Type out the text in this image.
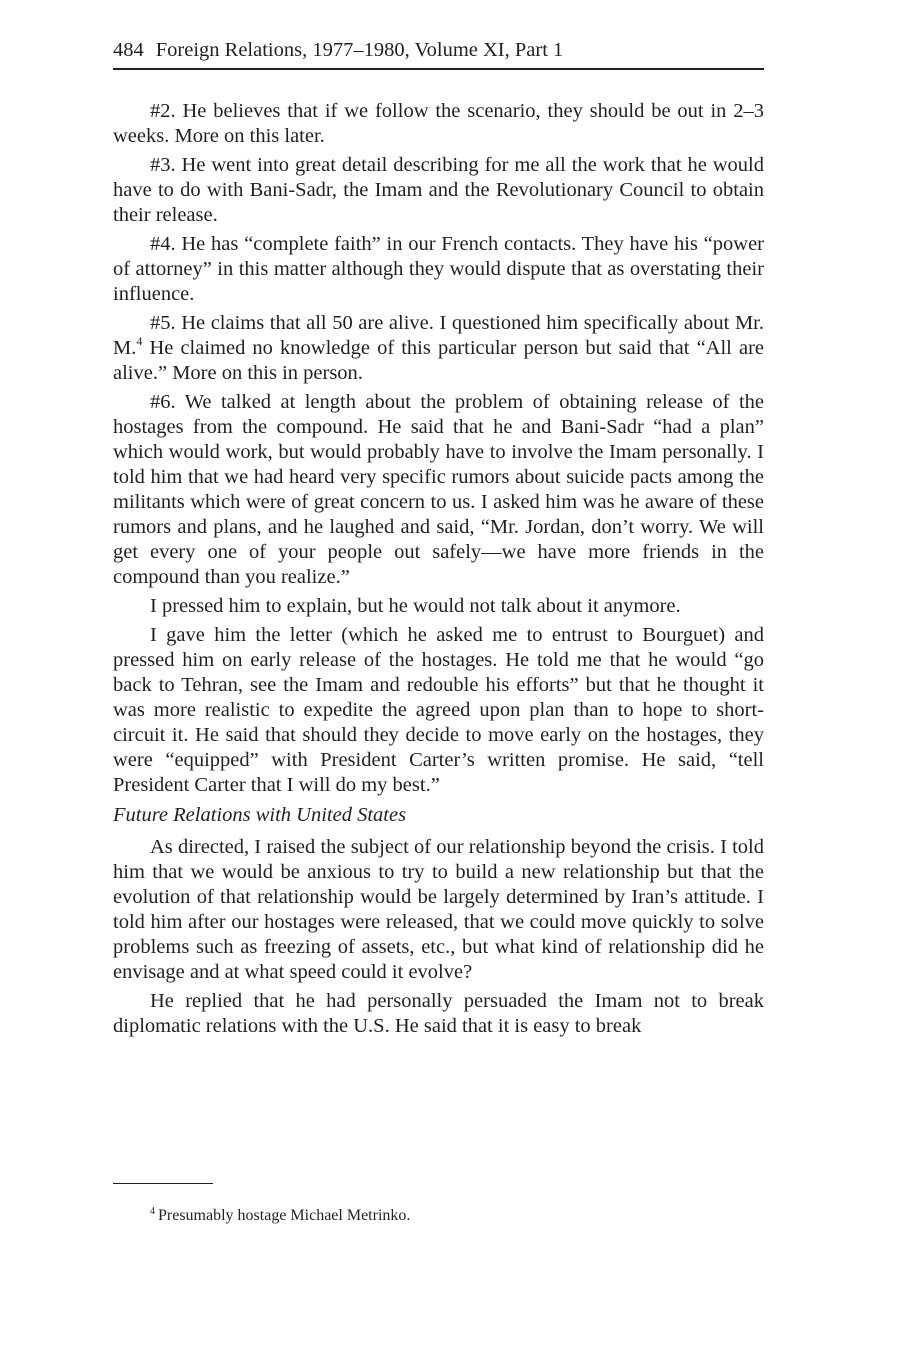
484 Foreign Relations, 1977–1980, Volume XI, Part 1

#2. He believes that if we follow the scenario, they should be out in 2–3 weeks. More on this later.

#3. He went into great detail describing for me all the work that he would have to do with Bani-Sadr, the Imam and the Revolutionary Council to obtain their release.

#4. He has “complete faith” in our French contacts. They have his “power of attorney” in this matter although they would dispute that as overstating their influence.

#5. He claims that all 50 are alive. I questioned him specifically about Mr. M.$^4$ He claimed no knowledge of this particular person but said that “All are alive.” More on this in person.

#6. We talked at length about the problem of obtaining release of the hostages from the compound. He said that he and Bani-Sadr “had a plan” which would work, but would probably have to involve the Imam personally. I told him that we had heard very specific rumors about suicide pacts among the militants which were of great concern to us. I asked him was he aware of these rumors and plans, and he laughed and said, “Mr. Jordan, don’t worry. We will get every one of your people out safely—we have more friends in the compound than you realize.”

I pressed him to explain, but he would not talk about it anymore.

I gave him the letter (which he asked me to entrust to Bourguet) and pressed him on early release of the hostages. He told me that he would “go back to Tehran, see the Imam and redouble his efforts” but that he thought it was more realistic to expedite the agreed upon plan than to hope to short-circuit it. He said that should they decide to move early on the hostages, they were “equipped” with President Carter’s written promise. He said, “tell President Carter that I will do my best.”

Future Relations with United States

As directed, I raised the subject of our relationship beyond the crisis. I told him that we would be anxious to try to build a new relationship but that the evolution of that relationship would be largely determined by Iran’s attitude. I told him after our hostages were released, that we could move quickly to solve problems such as freezing of assets, etc., but what kind of relationship did he envisage and at what speed could it evolve?

He replied that he had personally persuaded the Imam not to break diplomatic relations with the U.S. He said that it is easy to break

$^4$ Presumably hostage Michael Metrinko.
